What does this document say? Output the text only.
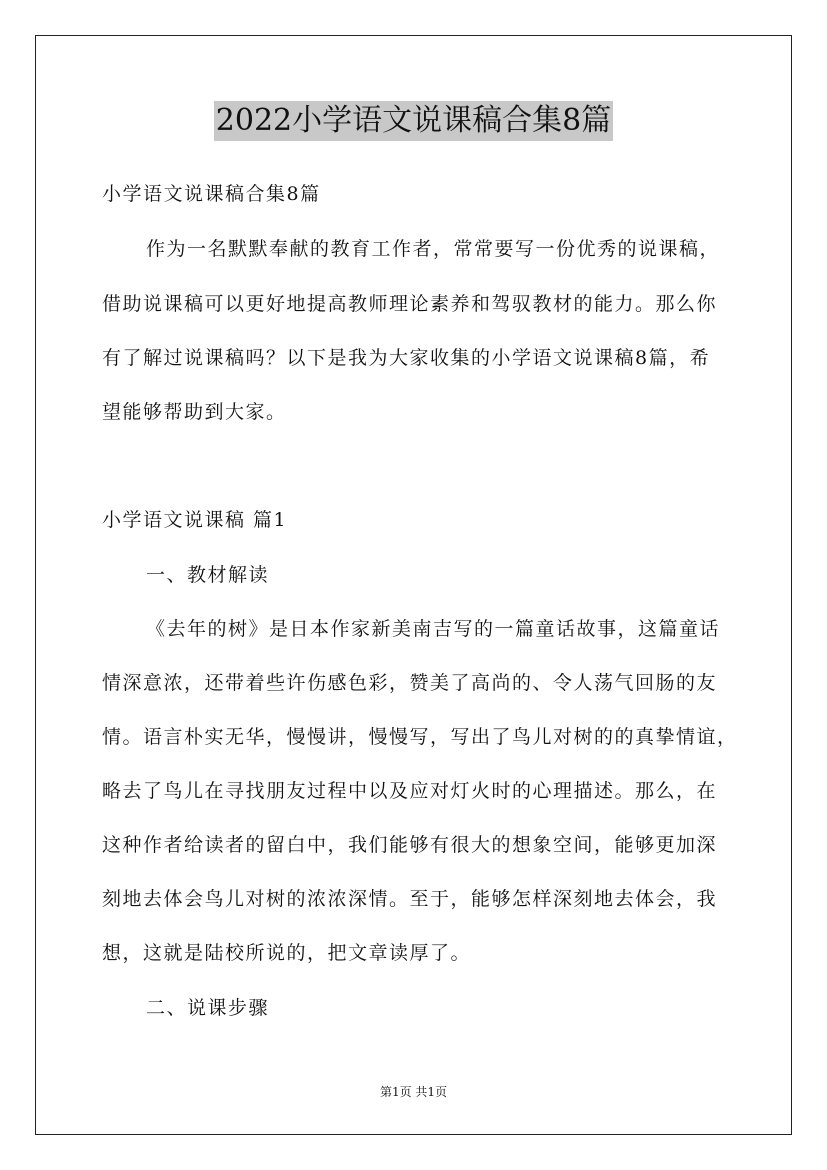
2022小学语文说课稿合集8篇
小学语文说课稿合集8篇
作为一名默默奉献的教育工作者，常常要写一份优秀的说课稿，
借助说课稿可以更好地提高教师理论素养和驾驭教材的能力。那么你
有了解过说课稿吗？以下是我为大家收集的小学语文说课稿8篇，希
望能够帮助到大家。
小学语文说课稿 篇1
一、教材解读
《去年的树》是日本作家新美南吉写的一篇童话故事，这篇童话
情深意浓，还带着些许伤感色彩，赞美了高尚的、令人荡气回肠的友
情。语言朴实无华，慢慢讲，慢慢写，写出了鸟儿对树的的真挚情谊，
略去了鸟儿在寻找朋友过程中以及应对灯火时的心理描述。那么，在
这种作者给读者的留白中，我们能够有很大的想象空间，能够更加深
刻地去体会鸟儿对树的浓浓深情。至于，能够怎样深刻地去体会，我
想，这就是陆校所说的，把文章读厚了。
二、说课步骤
第1页 共1页
